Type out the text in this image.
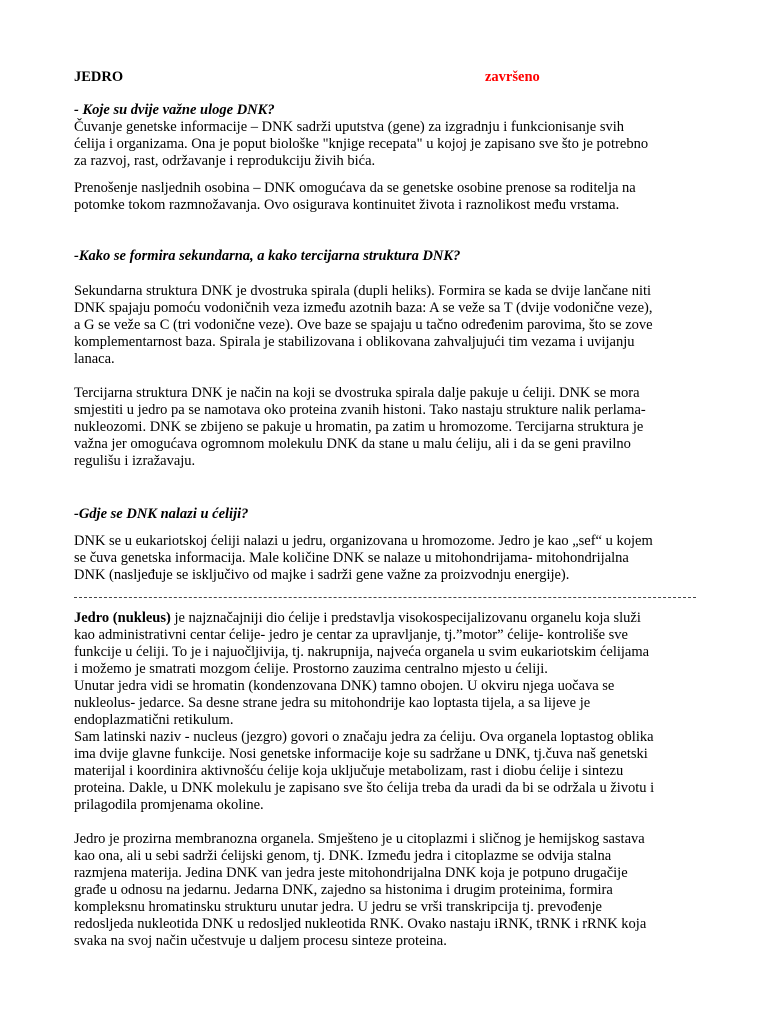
JEDRO	završeno

- Koje su dvije važne uloge DNK?

Čuvanje genetske informacije – DNK sadrži uputstva (gene) za izgradnju i funkcionisanje svih
ćelija i organizama. Ona je poput biološke "knjige recepata" u kojoj je zapisano sve što je potrebno
za razvoj, rast, održavanje i reprodukciju živih bića.

Prenošenje nasljednih osobina – DNK omogućava da se genetske osobine prenose sa roditelja na
potomke tokom razmnožavanja. Ovo osigurava kontinuitet života i raznolikost među vrstama.

-Kako se formira sekundarna, a kako tercijarna struktura DNK?

Sekundarna struktura DNK je dvostruka spirala (dupli heliks). Formira se kada se dvije lančane niti
DNK spajaju pomoću vodoničnih veza između azotnih baza: A se veže sa T (dvije vodonične veze),
a G se veže sa C (tri vodonične veze). Ove baze se spajaju u tačno određenim parovima, što se zove
komplementarnost baza. Spirala je stabilizovana i oblikovana zahvaljujući tim vezama i uvijanju
lanaca.

Tercijarna struktura DNK je način na koji se dvostruka spirala dalje pakuje u ćeliji. DNK se mora
smjestiti u jedro pa se namotava oko proteina zvanih histoni. Tako nastaju strukture nalik perlama-
nukleozomi. DNK se zbijeno se pakuje u hromatin, pa zatim u hromozome. Tercijarna struktura je
važna jer omogućava ogromnom molekulu DNK da stane u malu ćeliju, ali i da se geni pravilno
regulišu i izražavaju.

-Gdje se DNK nalazi u ćeliji?

DNK se u eukariotskoj ćeliji nalazi u jedru, organizovana u hromozome. Jedro je kao „sef“ u kojem
se čuva genetska informacija. Male količine DNK se nalaze u mitohondrijama- mitohondrijalna
DNK (nasljeđuje se isključivo od majke i sadrži gene važne za proizvodnju energije).

Jedro (nukleus) je najznačajniji dio ćelije i predstavlja visokospecijalizovanu organelu koja služi
kao administrativni centar ćelije- jedro je centar za upravljanje, tj.”motor” ćelije- kontroliše sve
funkcije u ćeliji. To je i najuočljivija, tj. nakrupnija, najveća organela u svim eukariotskim ćelijama
i možemo je smatrati mozgom ćelije. Prostorno zauzima centralno mjesto u ćeliji.
Unutar jedra vidi se hromatin (kondenzovana DNK) tamno obojen. U okviru njega uočava se
nukleolus- jedarce. Sa desne strane jedra su mitohondrije kao loptasta tijela, a sa lijeve je
endoplazmatični retikulum.
Sam latinski naziv - nucleus (jezgro) govori o značaju jedra za ćeliju. Ova organela loptastog oblika
ima dvije glavne funkcije. Nosi genetske informacije koje su sadržane u DNK, tj.čuva naš genetski
materijal i koordinira aktivnošću ćelije koja uključuje metabolizam, rast i diobu ćelije i sintezu
proteina. Dakle, u DNK molekulu je zapisano sve što ćelija treba da uradi da bi se održala u životu i
prilagodila promjenama okoline.

Jedro je prozirna membranozna organela. Smješteno je u citoplazmi i sličnog je hemijskog sastava
kao ona, ali u sebi sadrži ćelijski genom, tj. DNK. Između jedra i citoplazme se odvija stalna
razmjena materija. Jedina DNK van jedra jeste mitohondrijalna DNK koja je potpuno drugačije
građe u odnosu na jedarnu. Jedarna DNK, zajedno sa histonima i drugim proteinima, formira
kompleksnu hromatinsku strukturu unutar jedra. U jedru se vrši transkripcija tj. prevođenje
redosljeda nukleotida DNK u redosljed nukleotida RNK. Ovako nastaju iRNK, tRNK i rRNK koja
svaka na svoj način učestvuje u daljem procesu sinteze proteina.
